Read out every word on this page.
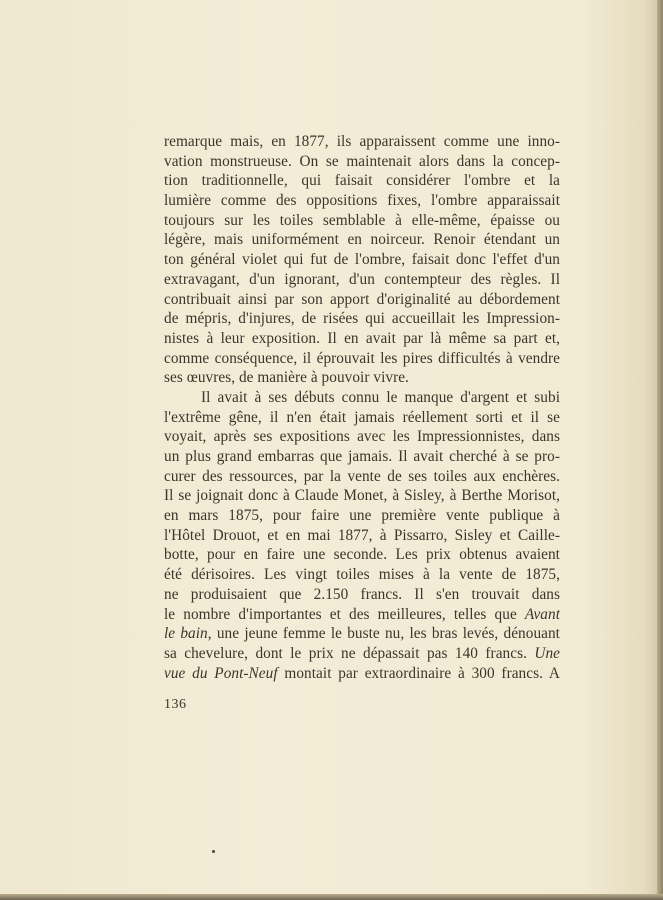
remarque mais, en 1877, ils apparaissent comme une inno-
vation monstrueuse. On se maintenait alors dans la concep-
tion traditionnelle, qui faisait considérer l'ombre et la
lumière comme des oppositions fixes, l'ombre apparaissait
toujours sur les toiles semblable à elle-même, épaisse ou
légère, mais uniformément en noirceur. Renoir étendant un
ton général violet qui fut de l'ombre, faisait donc l'effet d'un
extravagant, d'un ignorant, d'un contempteur des règles. Il
contribuait ainsi par son apport d'originalité au débordement
de mépris, d'injures, de risées qui accueillait les Impression-
nistes à leur exposition. Il en avait par là même sa part et,
comme conséquence, il éprouvait les pires difficultés à vendre
ses œuvres, de manière à pouvoir vivre.
Il avait à ses débuts connu le manque d'argent et subi
l'extrême gêne, il n'en était jamais réellement sorti et il se
voyait, après ses expositions avec les Impressionnistes, dans
un plus grand embarras que jamais. Il avait cherché à se pro-
curer des ressources, par la vente de ses toiles aux enchères.
Il se joignait donc à Claude Monet, à Sisley, à Berthe Morisot,
en mars 1875, pour faire une première vente publique à
l'Hôtel Drouot, et en mai 1877, à Pissarro, Sisley et Caille-
botte, pour en faire une seconde. Les prix obtenus avaient
été dérisoires. Les vingt toiles mises à la vente de 1875,
ne produisaient que 2.150 francs. Il s'en trouvait dans
le nombre d'importantes et des meilleures, telles que Avant
le bain, une jeune femme le buste nu, les bras levés, dénouant
sa chevelure, dont le prix ne dépassait pas 140 francs. Une
vue du Pont-Neuf montait par extraordinaire à 300 francs. A
136
